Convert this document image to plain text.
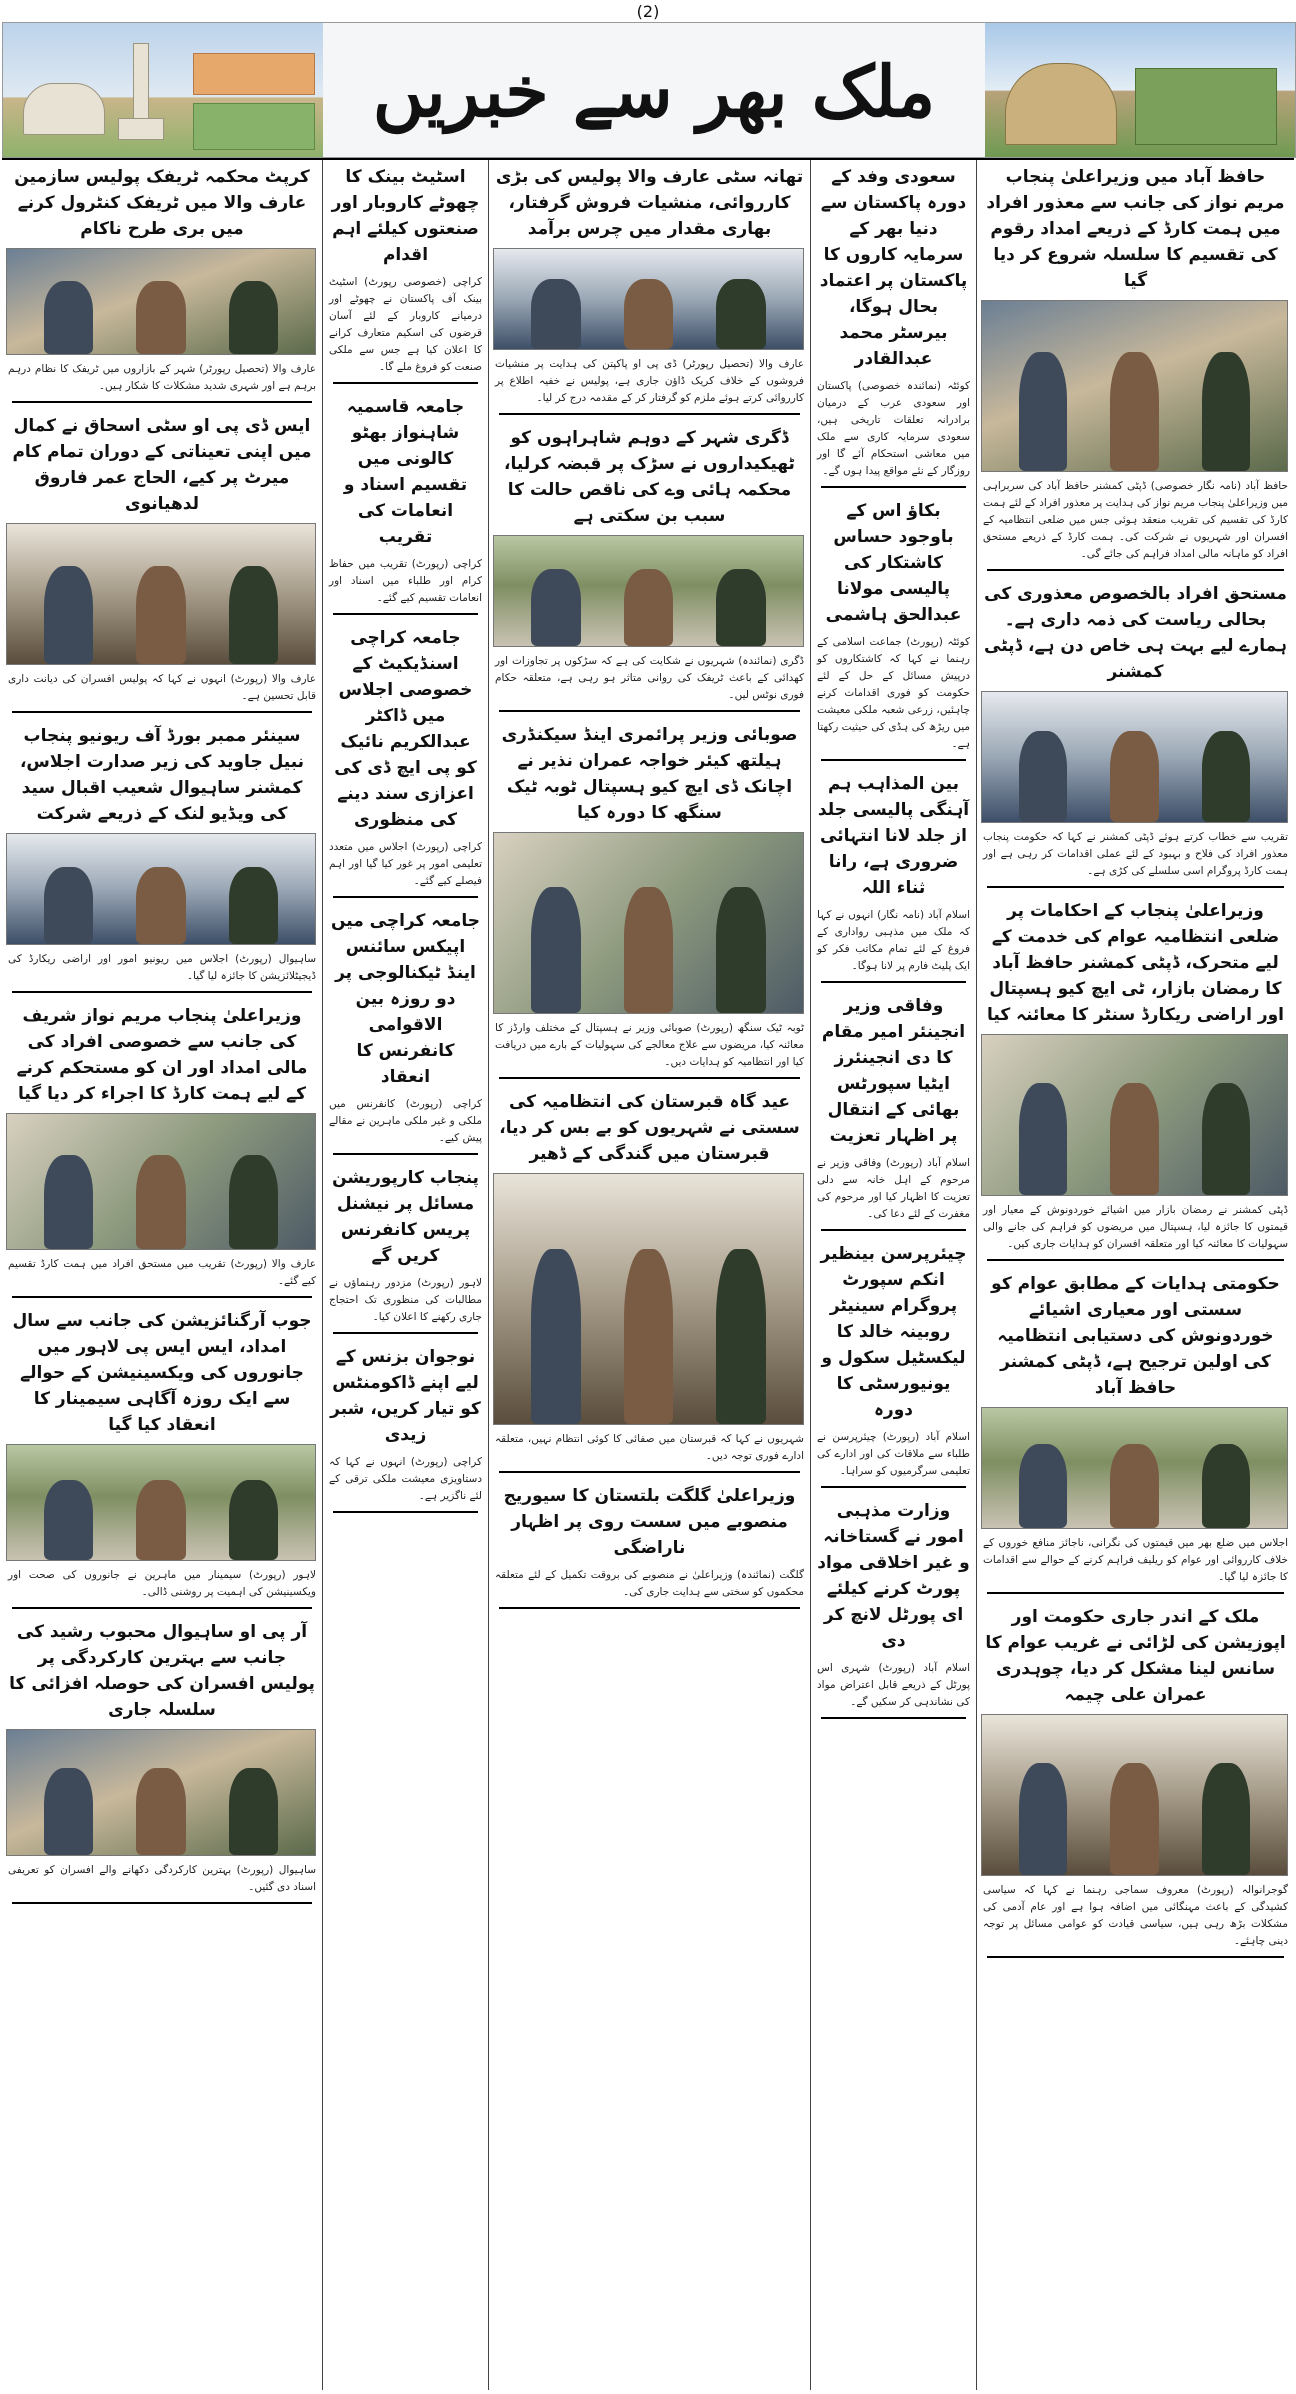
(2)
ملک بھر سے خبریں
حافظ آباد میں وزیراعلیٰ پنجاب مریم نواز کی جانب سے معذور افراد میں ہمت کارڈ کے ذریعے امداد رقوم کی تقسیم کا سلسلہ شروع کر دیا گیا
حافظ آباد (نامہ نگار خصوصی) ڈپٹی کمشنر حافظ آباد کی سربراہی میں وزیراعلیٰ پنجاب مریم نواز کی ہدایت پر معذور افراد کے لئے ہمت کارڈ کی تقسیم کی تقریب منعقد ہوئی جس میں ضلعی انتظامیہ کے افسران اور شہریوں نے شرکت کی۔ ہمت کارڈ کے ذریعے مستحق افراد کو ماہانہ مالی امداد فراہم کی جائے گی۔
مستحق افراد بالخصوص معذوری کی بحالی ریاست کی ذمہ داری ہے۔ ہمارے لیے بہت ہی خاص دن ہے، ڈپٹی کمشنر
تقریب سے خطاب کرتے ہوئے ڈپٹی کمشنر نے کہا کہ حکومت پنجاب معذور افراد کی فلاح و بہبود کے لئے عملی اقدامات کر رہی ہے اور ہمت کارڈ پروگرام اسی سلسلے کی کڑی ہے۔
وزیراعلیٰ پنجاب کے احکامات پر ضلعی انتظامیہ عوام کی خدمت کے لیے متحرک، ڈپٹی کمشنر حافظ آباد کا رمضان بازار، ٹی ایچ کیو ہسپتال اور اراضی ریکارڈ سنٹر کا معائنہ کیا
ڈپٹی کمشنر نے رمضان بازار میں اشیائے خوردونوش کے معیار اور قیمتوں کا جائزہ لیا، ہسپتال میں مریضوں کو فراہم کی جانے والی سہولیات کا معائنہ کیا اور متعلقہ افسران کو ہدایات جاری کیں۔
حکومتی ہدایات کے مطابق عوام کو سستی اور معیاری اشیائے خوردونوش کی دستیابی انتظامیہ کی اولین ترجیح ہے، ڈپٹی کمشنر حافظ آباد
اجلاس میں ضلع بھر میں قیمتوں کی نگرانی، ناجائز منافع خوروں کے خلاف کارروائی اور عوام کو ریلیف فراہم کرنے کے حوالے سے اقدامات کا جائزہ لیا گیا۔
ملک کے اندر جاری حکومت اور اپوزیشن کی لڑائی نے غریب عوام کا سانس لینا مشکل کر دیا، چوہدری عمران علی چیمہ
گوجرانوالہ (رپورٹ) معروف سماجی رہنما نے کہا کہ سیاسی کشیدگی کے باعث مہنگائی میں اضافہ ہوا ہے اور عام آدمی کی مشکلات بڑھ رہی ہیں، سیاسی قیادت کو عوامی مسائل پر توجہ دینی چاہئے۔
سعودی وفد کے دورہ پاکستان سے دنیا بھر کے سرمایہ کاروں کا پاکستان پر اعتماد بحال ہوگا، بیرسٹر محمد عبدالقادر
کوئٹہ (نمائندہ خصوصی) پاکستان اور سعودی عرب کے درمیان برادرانہ تعلقات تاریخی ہیں، سعودی سرمایہ کاری سے ملک میں معاشی استحکام آئے گا اور روزگار کے نئے مواقع پیدا ہوں گے۔
بکاؤ اس کے باوجود حساس کاشتکار کی پالیسی مولانا عبدالحق ہاشمی
کوئٹہ (رپورٹ) جماعت اسلامی کے رہنما نے کہا کہ کاشتکاروں کو درپیش مسائل کے حل کے لئے حکومت کو فوری اقدامات کرنے چاہئیں، زرعی شعبہ ملکی معیشت میں ریڑھ کی ہڈی کی حیثیت رکھتا ہے۔
بین المذاہب ہم آہنگی پالیسی جلد از جلد لانا انتہائی ضروری ہے، رانا ثناء اللہ
اسلام آباد (نامہ نگار) انہوں نے کہا کہ ملک میں مذہبی رواداری کے فروغ کے لئے تمام مکاتب فکر کو ایک پلیٹ فارم پر لانا ہوگا۔
وفاقی وزیر انجینئر امیر مقام کا دی انجینئرز ایٹیا سپورٹس بھائی کے انتقال پر اظہار تعزیت
اسلام آباد (رپورٹ) وفاقی وزیر نے مرحوم کے اہل خانہ سے دلی تعزیت کا اظہار کیا اور مرحوم کی مغفرت کے لئے دعا کی۔
چیئرپرسن بینظیر انکم سپورٹ پروگرام سینیٹر روبینہ خالد کا لیکسٹیل سکول و یونیورسٹی کا دورہ
اسلام آباد (رپورٹ) چیئرپرسن نے طلباء سے ملاقات کی اور ادارے کی تعلیمی سرگرمیوں کو سراہا۔
وزارت مذہبی امور نے گستاخانہ و غیر اخلاقی مواد پورٹ کرنے کیلئے ای پورٹل لانچ کر دی
اسلام آباد (رپورٹ) شہری اس پورٹل کے ذریعے قابل اعتراض مواد کی نشاندہی کر سکیں گے۔
تھانہ سٹی عارف والا پولیس کی بڑی کارروائی، منشیات فروش گرفتار، بھاری مقدار میں چرس برآمد
عارف والا (تحصیل رپورٹر) ڈی پی او پاکپتن کی ہدایت پر منشیات فروشوں کے خلاف کریک ڈاؤن جاری ہے، پولیس نے خفیہ اطلاع پر کارروائی کرتے ہوئے ملزم کو گرفتار کر کے مقدمہ درج کر لیا۔
ڈگری شہر کے دوہم شاہراہوں کو ٹھیکیداروں نے سڑک پر قبضہ کرلیا، محکمہ ہائی وے کی ناقص حالت کا سبب بن سکتی ہے
ڈگری (نمائندہ) شہریوں نے شکایت کی ہے کہ سڑکوں پر تجاوزات اور کھدائی کے باعث ٹریفک کی روانی متاثر ہو رہی ہے، متعلقہ حکام فوری نوٹس لیں۔
صوبائی وزیر پرائمری اینڈ سیکنڈری ہیلتھ کیئر خواجہ عمران نذیر نے اچانک ڈی ایچ کیو ہسپتال ٹوبہ ٹیک سنگھ کا دورہ کیا
ٹوبہ ٹیک سنگھ (رپورٹ) صوبائی وزیر نے ہسپتال کے مختلف وارڈز کا معائنہ کیا، مریضوں سے علاج معالجے کی سہولیات کے بارے میں دریافت کیا اور انتظامیہ کو ہدایات دیں۔
عید گاہ قبرستان کی انتظامیہ کی سستی نے شہریوں کو بے بس کر دیا، قبرستان میں گندگی کے ڈھیر
شہریوں نے کہا کہ قبرستان میں صفائی کا کوئی انتظام نہیں، متعلقہ ادارے فوری توجہ دیں۔
وزیراعلیٰ گلگت بلتستان کا سیوریج منصوبے میں سست روی پر اظہار ناراضگی
گلگت (نمائندہ) وزیراعلیٰ نے منصوبے کی بروقت تکمیل کے لئے متعلقہ محکموں کو سختی سے ہدایت جاری کی۔
اسٹیٹ بینک کا چھوٹے کاروبار اور صنعتوں کیلئے اہم اقدام
کراچی (خصوصی رپورٹ) اسٹیٹ بینک آف پاکستان نے چھوٹے اور درمیانے کاروبار کے لئے آسان قرضوں کی اسکیم متعارف کرانے کا اعلان کیا ہے جس سے ملکی صنعت کو فروغ ملے گا۔
جامعہ قاسمیہ شاہنواز بھٹو کالونی میں تقسیم اسناد و انعامات کی تقریب
کراچی (رپورٹ) تقریب میں حفاظ کرام اور طلباء میں اسناد اور انعامات تقسیم کیے گئے۔
جامعہ کراچی اسنڈیکیٹ کے خصوصی اجلاس میں ڈاکٹر عبدالکریم نائیک کو پی ایچ ڈی کی اعزازی سند دینے کی منظوری
کراچی (رپورٹ) اجلاس میں متعدد تعلیمی امور پر غور کیا گیا اور اہم فیصلے کیے گئے۔
جامعہ کراچی میں اپیکس سائنس اینڈ ٹیکنالوجی پر دو روزہ بین الاقوامی کانفرنس کا انعقاد
کراچی (رپورٹ) کانفرنس میں ملکی و غیر ملکی ماہرین نے مقالے پیش کیے۔
پنجاب کارپوریشن مسائل پر نیشنل پریس کانفرنس کریں گے
لاہور (رپورٹ) مزدور رہنماؤں نے مطالبات کی منظوری تک احتجاج جاری رکھنے کا اعلان کیا۔
نوجوان بزنس کے لیے اپنے ڈاکومنٹس کو تیار کریں، شبر زیدی
کراچی (رپورٹ) انہوں نے کہا کہ دستاویزی معیشت ملکی ترقی کے لئے ناگزیر ہے۔
کرپٹ محکمہ ٹریفک پولیس سازمین عارف والا میں ٹریفک کنٹرول کرنے میں بری طرح ناکام
عارف والا (تحصیل رپورٹر) شہر کے بازاروں میں ٹریفک کا نظام درہم برہم ہے اور شہری شدید مشکلات کا شکار ہیں۔
ایس ڈی پی او سٹی اسحاق نے کمال میں اپنی تعیناتی کے دوران تمام کام میرٹ پر کیے، الحاج عمر فاروق لدھیانوی
عارف والا (رپورٹ) انہوں نے کہا کہ پولیس افسران کی دیانت داری قابل تحسین ہے۔
سینئر ممبر بورڈ آف ریونیو پنجاب نبیل جاوید کی زیر صدارت اجلاس، کمشنر ساہیوال شعیب اقبال سید کی ویڈیو لنک کے ذریعے شرکت
ساہیوال (رپورٹ) اجلاس میں ریونیو امور اور اراضی ریکارڈ کی ڈیجیٹلائزیشن کا جائزہ لیا گیا۔
وزیراعلیٰ پنجاب مریم نواز شریف کی جانب سے خصوصی افراد کی مالی امداد اور ان کو مستحکم کرنے کے لیے ہمت کارڈ کا اجراء کر دیا گیا
عارف والا (رپورٹ) تقریب میں مستحق افراد میں ہمت کارڈ تقسیم کیے گئے۔
جوب آرگنائزیشن کی جانب سے سال امداد، ایس ایس پی لاہور میں جانوروں کی ویکسینیشن کے حوالے سے ایک روزہ آگاہی سیمینار کا انعقاد کیا گیا
لاہور (رپورٹ) سیمینار میں ماہرین نے جانوروں کی صحت اور ویکسینیشن کی اہمیت پر روشنی ڈالی۔
آر پی او ساہیوال محبوب رشید کی جانب سے بہترین کارکردگی پر پولیس افسران کی حوصلہ افزائی کا سلسلہ جاری
ساہیوال (رپورٹ) بہترین کارکردگی دکھانے والے افسران کو تعریفی اسناد دی گئیں۔
